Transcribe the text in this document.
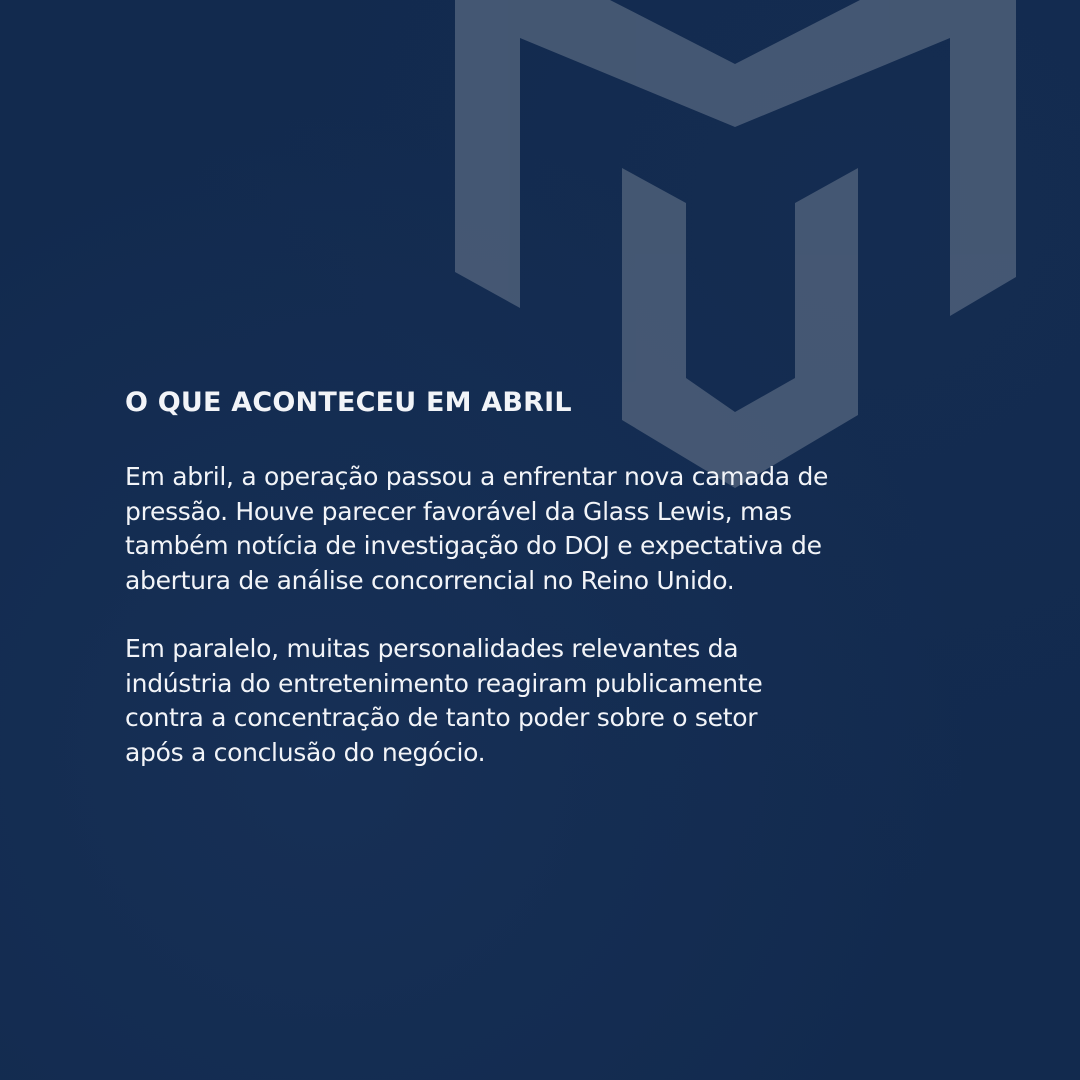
O QUE ACONTECEU EM ABRIL
Em abril, a operação passou a enfrentar nova camada de
pressão. Houve parecer favorável da Glass Lewis, mas
também notícia de investigação do DOJ e expectativa de
abertura de análise concorrencial no Reino Unido.
Em paralelo, muitas personalidades relevantes da
indústria do entretenimento reagiram publicamente
contra a concentração de tanto poder sobre o setor
após a conclusão do negócio.
